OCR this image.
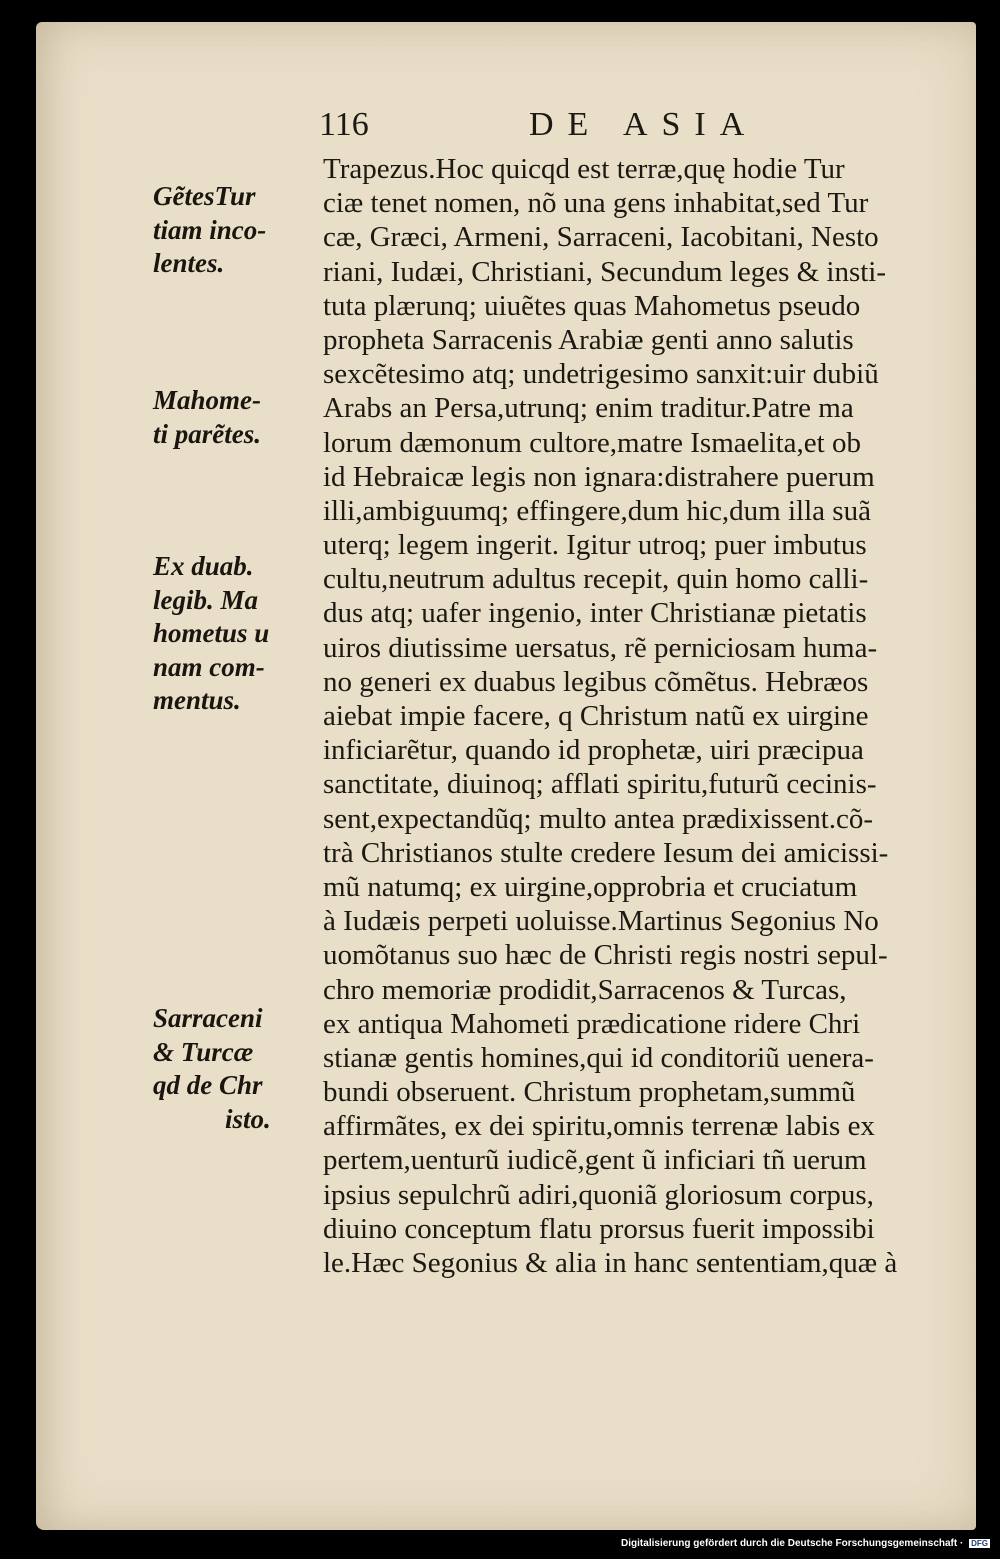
116	DE ASIA
GẽtesTur
tiam inco-
lentes.
Mahome-
ti parẽtes.
Ex duab.
legib. Ma
hometus u
nam com-
mentus.
Sarraceni
& Turcæ
qd de Chr
isto.
Trapezus.Hoc quicqd est terræ,quę hodie Tur
ciæ tenet nomen, nõ una gens inhabitat,sed Tur
cæ, Græci, Armeni, Sarraceni, Iacobitani, Nesto
riani, Iudæi, Christiani, Secundum leges & insti-
tuta plærunq; uiuẽtes quas Mahometus pseudo
propheta Sarracenis Arabiæ genti anno salutis
sexcẽtesimo atq; undetrigesimo sanxit:uir dubiũ
Arabs an Persa,utrunq; enim traditur.Patre ma
lorum dæmonum cultore,matre Ismaelita,et ob
id Hebraicæ legis non ignara:distrahere puerum
illi,ambiguumq; effingere,dum hic,dum illa suã
uterq; legem ingerit. Igitur utroq; puer imbutus
cultu,neutrum adultus recepit, quin homo calli-
dus atq; uafer ingenio, inter Christianæ pietatis
uiros diutissime uersatus, rẽ perniciosam huma-
no generi ex duabus legibus cõmẽtus. Hebræos
aiebat impie facere, q Christum natũ ex uirgine
inficiarẽtur, quando id prophetæ, uiri præcipua
sanctitate, diuinoq; afflati spiritu,futurũ cecinis-
sent,expectandũq; multo antea prædixissent.cõ-
trà Christianos stulte credere Iesum dei amicissi-
mũ natumq; ex uirgine,opprobria et cruciatum
à Iudæis perpeti uoluisse.Martinus Segonius No
uomõtanus suo hæc de Christi regis nostri sepul-
chro memoriæ prodidit,Sarracenos & Turcas,
ex antiqua Mahometi prædicatione ridere Chri
stianæ gentis homines,qui id conditoriũ uenera-
bundi obseruent. Christum prophetam,summũ
affirmãtes, ex dei spiritu,omnis terrenæ labis ex
pertem,uenturũ iudicẽ,gent ũ inficiari tñ uerum
ipsius sepulchrũ adiri,quoniã gloriosum corpus,
diuino conceptum flatu prorsus fuerit impossibi
le.Hæc Segonius & alia in hanc sententiam,quæ à
Digitalisierung gefördert durch die Deutsche Forschungsgemeinschaft · DFG
